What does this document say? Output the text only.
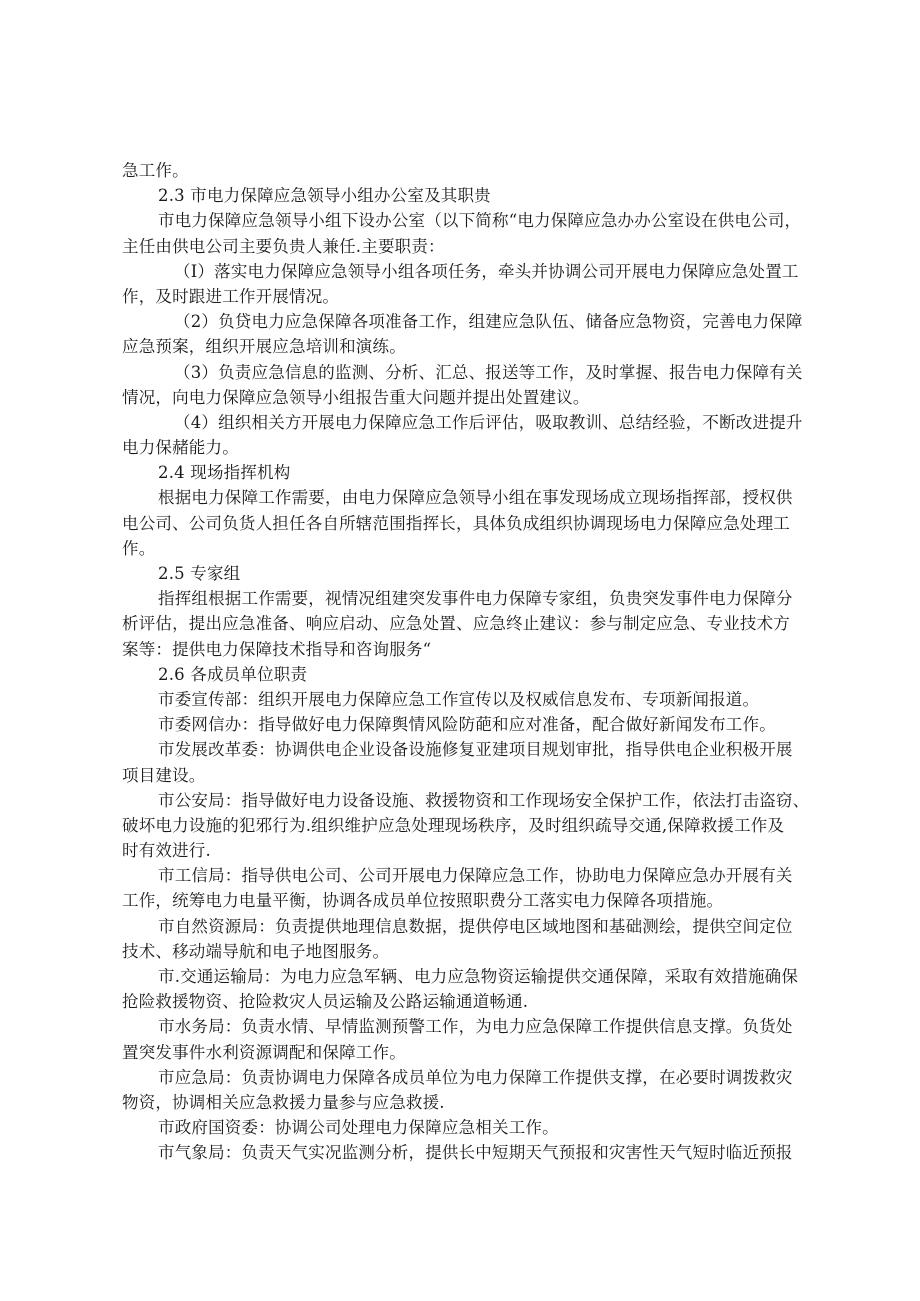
急工作。
2.3 市电力保障应急领导小组办公室及其职贵
市电力保障应急领导小组下设办公室（以下简称“电力保障应急办办公室设在供电公司，
主任由供电公司主要负贵人兼任.主要职责：
（I）落实电力保障应急领导小组各项任务，牵头并协调公司开展电力保障应急处置工
作，及时跟进工作开展情况。
（2）负贷电力应急保障各项准备工作，组建应急队伍、储备应急物资，完善电力保障
应急预案，组织开展应急培训和演练。
（3）负责应急信息的监测、分析、汇总、报送等工作，及时掌握、报告电力保障有关
情况，向电力保障应急领导小组报告重大问题并提出处置建议。
（4）组织相关方开展电力保障应急工作后评估，吸取教训、总结经验，不断改进提升
电力保赭能力。
2.4 现场指挥机构
根据电力保障工作需要，由电力保障应急领导小组在事发现场成立现场指挥部，授权供
电公司、公司负货人担任各自所辖范围指挥长，具体负成组织协调现场电力保障应急处理工
作。
2.5 专家组
指挥组根据工作需要，视情况组建突发事件电力保障专家组，负贵突发事件电力保障分
析评估，提出应急准备、响应启动、应急处置、应急终止建议：参与制定应急、专业技术方
案等：提供电力保障技术指导和咨询服务“
2.6 各成员单位职责
市委宣传部：组织开展电力保障应急工作宣传以及权威信息发布、专项新闻报道。
市委网信办：指导做好电力保障舆情风险防葩和应对准备，配合做好新闻发布工作。
市发展改革委：协调供电企业设备设施修复亚建项目规划审批，指导供电企业积极开展
项目建设。
市公安局：指导做好电力设备设施、救援物资和工作现场安全保护工作，依法打击盗窃、
破坏电力设施的犯邪行为.组织维护应急处理现场秩序，及时组织疏导交通,保障救援工作及
时有效进行.
市工信局：指导供电公司、公司开展电力保障应急工作，协助电力保障应急办开展有关
工作，统筹电力电量平衡，协调各成员单位按照职费分工落实电力保障各项措施。
市自然资源局：负责提供地理信息数据，提供停电区域地图和基础测绘，提供空间定位
技术、移动端导航和电子地图服务。
市.交通运输局：为电力应急军辆、电力应急物资运输提供交通保障，采取有效措施确保
抢险救援物资、抢险救灾人员运输及公路运输通道畅通.
市水务局：负责水情、早情监测预警工作，为电力应急保障工作提供信息支撑。负货处
置突发事件水利资源调配和保障工作。
市应急局：负责协调电力保障各成员单位为电力保障工作提供支撑，在必要时调拨救灾
物资，协调相关应急救援力量参与应急救援.
市政府国资委：协调公司处理电力保障应急相关工作。
市气象局：负责天气实况监测分析，提供长中短期天气预报和灾害性天气短时临近预报
